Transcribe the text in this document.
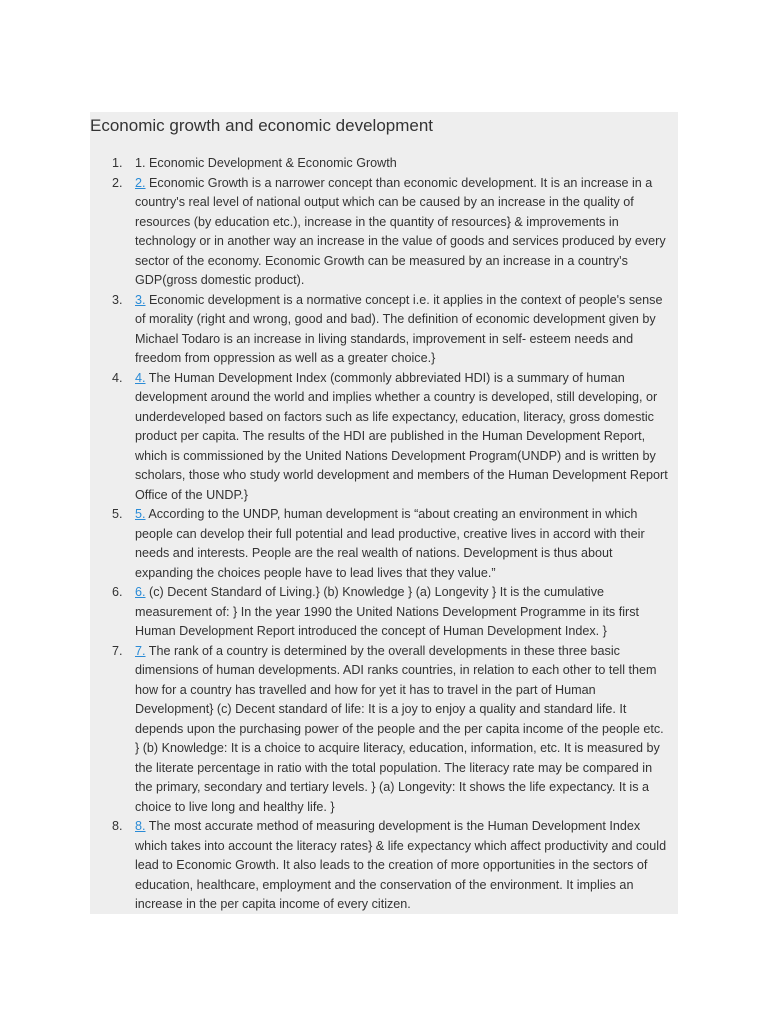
Economic growth and economic development
1. 1. Economic Development & Economic Growth
2. 2. Economic Growth is a narrower concept than economic development. It is an increase in a country's real level of national output which can be caused by an increase in the quality of resources (by education etc.), increase in the quantity of resources} & improvements in technology or in another way an increase in the value of goods and services produced by every sector of the economy. Economic Growth can be measured by an increase in a country's GDP(gross domestic product).
3. 3. Economic development is a normative concept i.e. it applies in the context of people's sense of morality (right and wrong, good and bad). The definition of economic development given by Michael Todaro is an increase in living standards, improvement in self- esteem needs and freedom from oppression as well as a greater choice.}
4. 4. The Human Development Index (commonly abbreviated HDI) is a summary of human development around the world and implies whether a country is developed, still developing, or underdeveloped based on factors such as life expectancy, education, literacy, gross domestic product per capita. The results of the HDI are published in the Human Development Report, which is commissioned by the United Nations Development Program(UNDP) and is written by scholars, those who study world development and members of the Human Development Report Office of the UNDP.}
5. 5. According to the UNDP, human development is “about creating an environment in which people can develop their full potential and lead productive, creative lives in accord with their needs and interests. People are the real wealth of nations. Development is thus about expanding the choices people have to lead lives that they value.”
6. 6. (c) Decent Standard of Living.} (b) Knowledge } (a) Longevity } It is the cumulative measurement of: } In the year 1990 the United Nations Development Programme in its first Human Development Report introduced the concept of Human Development Index. }
7. 7. The rank of a country is determined by the overall developments in these three basic dimensions of human developments. ADI ranks countries, in relation to each other to tell them how for a country has travelled and how for yet it has to travel in the part of Human Development} (c) Decent standard of life: It is a joy to enjoy a quality and standard life. It depends upon the purchasing power of the people and the per capita income of the people etc. } (b) Knowledge: It is a choice to acquire literacy, education, information, etc. It is measured by the literate percentage in ratio with the total population. The literacy rate may be compared in the primary, secondary and tertiary levels. } (a) Longevity: It shows the life expectancy. It is a choice to live long and healthy life. }
8. 8. The most accurate method of measuring development is the Human Development Index which takes into account the literacy rates} & life expectancy which affect productivity and could lead to Economic Growth. It also leads to the creation of more opportunities in the sectors of education, healthcare, employment and the conservation of the environment. It implies an increase in the per capita income of every citizen.
